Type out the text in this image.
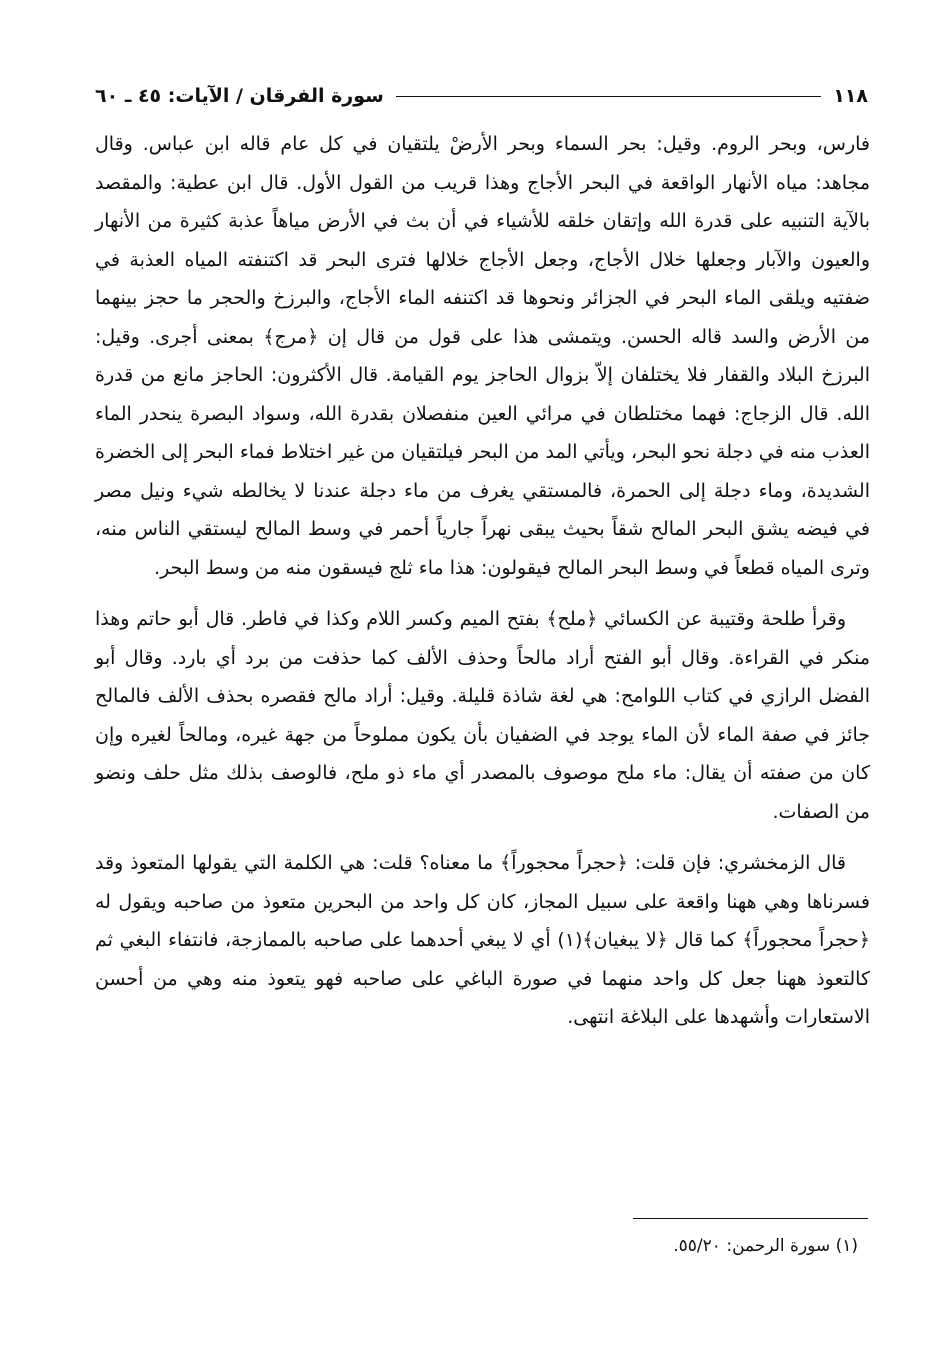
١١٨
سورة الفرقان / الآيات: ٤٥ ـ ٦٠

فارس، وبحر الروم. وقيل: بحر السماء وبحر الأرضْ يلتقيان في كل عام قاله ابن عباس. وقال مجاهد: مياه الأنهار الواقعة في البحر الأجاج وهذا قريب من القول الأول. قال ابن عطية: والمقصد بالآية التنبيه على قدرة الله وإتقان خلقه للأشياء في أن بث في الأرض مياهاً عذبة كثيرة من الأنهار والعيون والآبار وجعلها خلال الأجاج، وجعل الأجاج خلالها فترى البحر قد اكتنفته المياه العذبة في ضفتيه ويلقى الماء البحر في الجزائر ونحوها قد اكتنفه الماء الأجاج، والبرزخ والحجر ما حجز بينهما من الأرض والسد قاله الحسن. ويتمشى هذا على قول من قال إن ﴿مرج﴾ بمعنى أجرى. وقيل: البرزخ البلاد والقفار فلا يختلفان إلاّ بزوال الحاجز يوم القيامة. قال الأكثرون: الحاجز مانع من قدرة الله. قال الزجاج: فهما مختلطان في مرائي العين منفصلان بقدرة الله، وسواد البصرة ينحدر الماء العذب منه في دجلة نحو البحر، ويأتي المد من البحر فيلتقيان من غير اختلاط فماء البحر إلى الخضرة الشديدة، وماء دجلة إلى الحمرة، فالمستقي يغرف من ماء دجلة عندنا لا يخالطه شيء ونيل مصر في فيضه يشق البحر المالح شقاً بحيث يبقى نهراً جارياً أحمر في وسط المالح ليستقي الناس منه، وترى المياه قطعاً في وسط البحر المالح فيقولون: هذا ماء ثلج فيسقون منه من وسط البحر.

وقرأ طلحة وقتيبة عن الكسائي ﴿ملح﴾ بفتح الميم وكسر اللام وكذا في فاطر. قال أبو حاتم وهذا منكر في القراءة. وقال أبو الفتح أراد مالحاً وحذف الألف كما حذفت من برد أي بارد. وقال أبو الفضل الرازي في كتاب اللوامح: هي لغة شاذة قليلة. وقيل: أراد مالح فقصره بحذف الألف فالمالح جائز في صفة الماء لأن الماء يوجد في الضفيان بأن يكون مملوحاً من جهة غيره، ومالحاً لغيره وإن كان من صفته أن يقال: ماء ملح موصوف بالمصدر أي ماء ذو ملح، فالوصف بذلك مثل حلف ونضو من الصفات.

قال الزمخشري: فإن قلت: ﴿حجراً محجوراً﴾ ما معناه؟ قلت: هي الكلمة التي يقولها المتعوذ وقد فسرناها وهي ههنا واقعة على سبيل المجاز، كان كل واحد من البحرين متعوذ من صاحبه ويقول له ﴿حجراً محجوراً﴾ كما قال ﴿لا يبغيان﴾(١) أي لا يبغي أحدهما على صاحبه بالممازجة، فانتفاء البغي ثم كالتعوذ ههنا جعل كل واحد منهما في صورة الباغي على صاحبه فهو يتعوذ منه وهي من أحسن الاستعارات وأشهدها على البلاغة انتهى.

(١) سورة الرحمن: ٥٥/٢٠.
